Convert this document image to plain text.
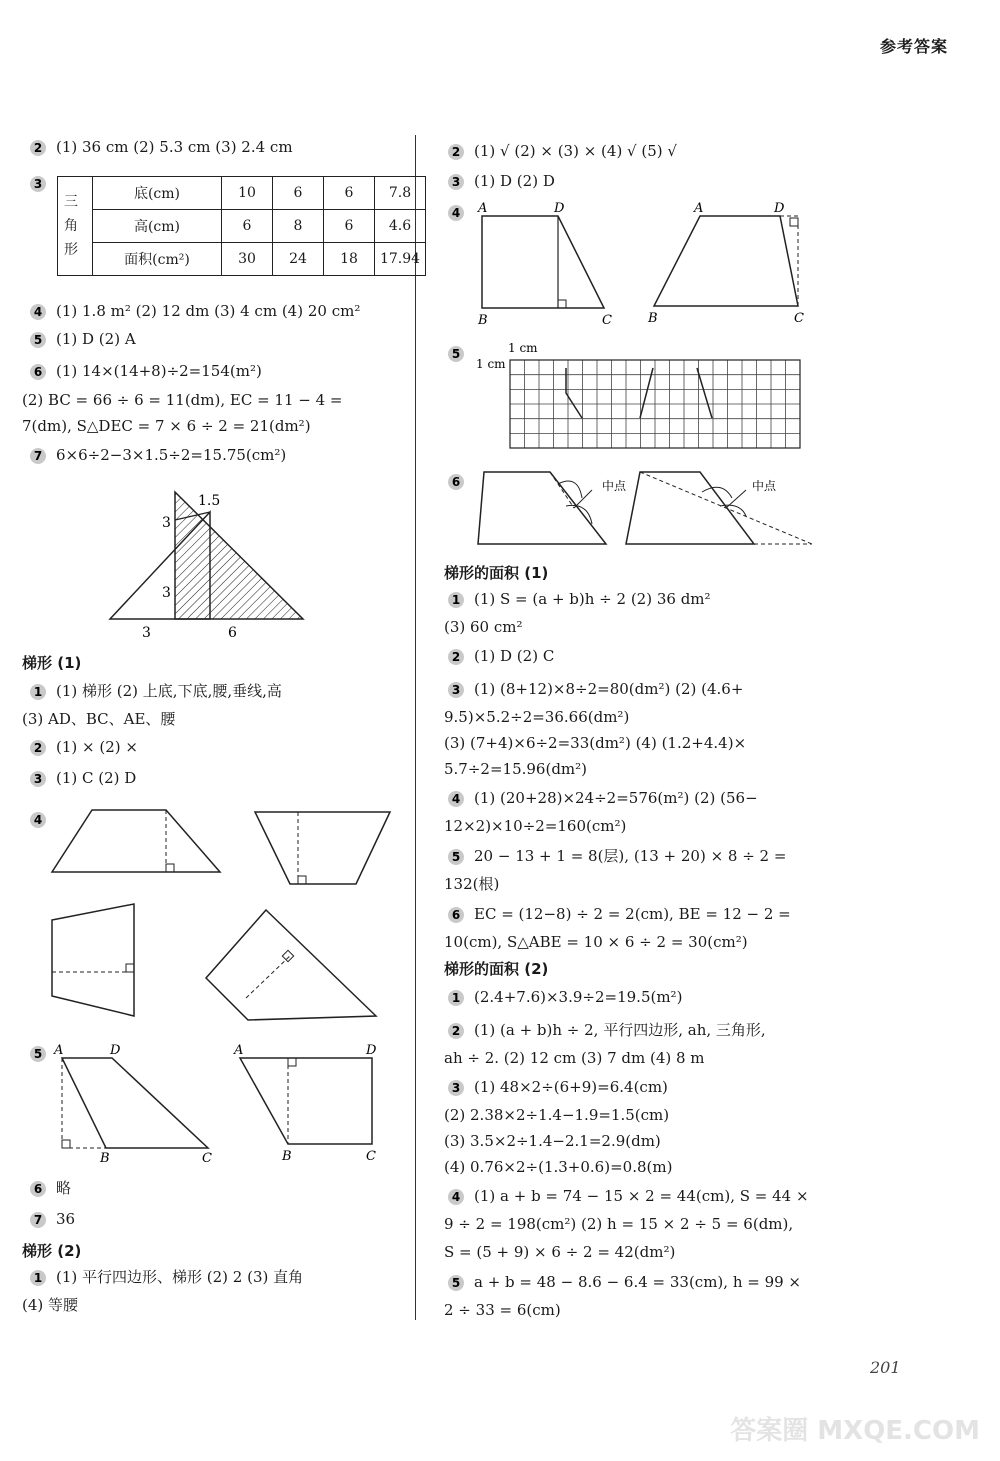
参考答案
2 (1) 36 cm (2) 5.3 cm (3) 2.4 cm
3
三角形	底(cm)	10	6	6	7.8
	高(cm)	6	8	6	4.6
	面积(cm²)	30	24	18	17.94
4 (1) 1.8 m² (2) 12 dm (3) 4 cm (4) 20 cm²
5 (1) D (2) A
6 (1) 14×(14+8)÷2=154(m²)
(2) BC = 66 ÷ 6 = 11(dm), EC = 11 − 4 =
7(dm), S△DEC = 7 × 6 ÷ 2 = 21(dm²)
7 6×6÷2−3×1.5÷2=15.75(cm²)
1.5
3
3
3	6
梯形 (1)
1 (1) 梯形 (2) 上底,下底,腰,垂线,高
(3) AD、BC、AE、腰
2 (1) × (2) ×
3 (1) C (2) D
4
5 A	D
B	C
A	D
B	C
6 略
7 36
梯形 (2)
1 (1) 平行四边形、梯形 (2) 2 (3) 直角
(4) 等腰
2 (1) √ (2) × (3) × (4) √ (5) √
3 (1) D (2) D
4	A	D
B	C
A	D
B	C
5	1 cm
1 cm
6	中点	中点
梯形的面积 (1)
1 (1) S = (a + b)h ÷ 2 (2) 36 dm²
(3) 60 cm²
2 (1) D (2) C
3 (1) (8+12)×8÷2=80(dm²) (2) (4.6+
9.5)×5.2÷2=36.66(dm²)
(3) (7+4)×6÷2=33(dm²) (4) (1.2+4.4)×
5.7÷2=15.96(dm²)
4 (1) (20+28)×24÷2=576(m²) (2) (56−
12×2)×10÷2=160(cm²)
5 20 − 13 + 1 = 8(层), (13 + 20) × 8 ÷ 2 =
132(根)
6 EC = (12−8) ÷ 2 = 2(cm), BE = 12 − 2 =
10(cm), S△ABE = 10 × 6 ÷ 2 = 30(cm²)
梯形的面积 (2)
1 (2.4+7.6)×3.9÷2=19.5(m²)
2 (1) (a + b)h ÷ 2, 平行四边形, ah, 三角形,
ah ÷ 2. (2) 12 cm (3) 7 dm (4) 8 m
3 (1) 48×2÷(6+9)=6.4(cm)
(2) 2.38×2÷1.4−1.9=1.5(cm)
(3) 3.5×2÷1.4−2.1=2.9(dm)
(4) 0.76×2÷(1.3+0.6)=0.8(m)
4 (1) a + b = 74 − 15 × 2 = 44(cm), S = 44 ×
9 ÷ 2 = 198(cm²) (2) h = 15 × 2 ÷ 5 = 6(dm),
S = (5 + 9) × 6 ÷ 2 = 42(dm²)
5 a + b = 48 − 8.6 − 6.4 = 33(cm), h = 99 ×
2 ÷ 33 = 6(cm)
201
答案圈 MXQE.COM
